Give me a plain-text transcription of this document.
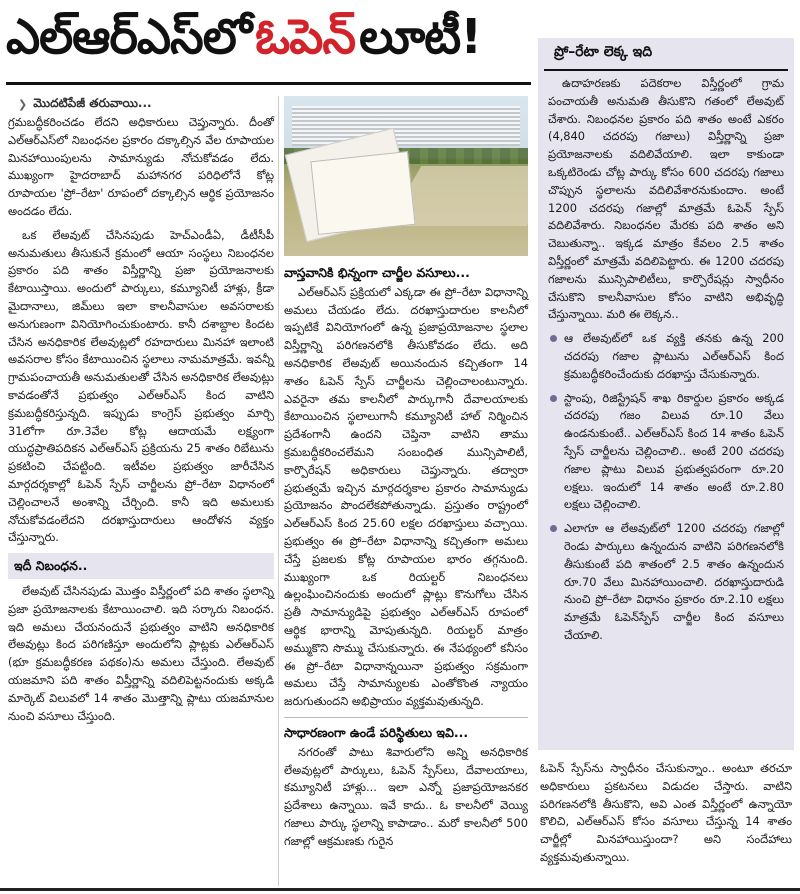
ఎల్‌ఆర్‌ఎస్‌లో ఓపెన్ లూటీ!
❯ మొదటిపేజీ తరువాయి...

గ్రమబద్ధీకరించడం లేదని అధికారులు చెప్తున్నారు. దీంతో ఎల్‌ఆర్‌ఎస్‌లో నిబంధనల ప్రకారం దక్కాల్సిన వేల రూపాయల మినహాయింపులను సామాన్యుడు నోచుకోవడం లేదు. ముఖ్యంగా హైదరాబాద్ మహానగర పరిధిలోనే కోట్ల రూపాయల 'ప్రో–రేటా' రూపంలో దక్కాల్సిన ఆర్థిక ప్రయోజనం అందడం లేదు.

ఒక లేఅవుట్ చేసినపుడు హెచ్‌ఎండీఏ, డీటీసీపీ అనుమతులు తీసుకునే క్రమంలో ఆయా సంస్థలు నిబంధనల ప్రకారం పది శాతం విస్తీర్ణాన్ని ప్రజా ప్రయోజనాలకు కేటాయిస్తాయి. అందులో పార్కులు, కమ్యూనిటీ హాళ్లు, క్రీడా మైదానాలు, జిమ్‌లు ఇలా కాలనీవాసుల అవసరాలకు అనుగుణంగా వినియోగించుకుంటారు. కానీ దశాబ్దాల కిందట చేసిన అనధికారిక లేఅవుట్లలో రహదారులు మినహా ఇలాంటి అవసరాల కోసం కేటాయించిన స్థలాలు నామమాత్రమే. ఇవన్నీ గ్రామపంచాయతీ అనుమతులతో చేసిన అనధికారిక లేఅవుట్లు కావడంతోనే ప్రభుత్వం ఎల్‌ఆర్‌ఎస్ కింద వాటిని క్రమబద్ధీకరిస్తున్నది. ఇప్పుడు కాంగ్రెస్ ప్రభుత్వం మార్చి 31లోగా రూ.3వేల కోట్ల ఆదాయమే లక్ష్యంగా యుద్ధప్రాతిపదికన ఎల్‌ఆర్‌ఎస్ ప్రక్రియను 25 శాతం రిబేటును ప్రకటించి చేపట్టింది. ఇటీవల ప్రభుత్వం జారీచేసిన మార్గదర్శకాల్లో ఓపెన్ స్పేస్ చార్జీలను ప్రో–రేటా విధానంలో చెల్లించాలనే అంశాన్ని చేర్చింది. కానీ ఇది అమలుకు నోచుకోవడంలేదని దరఖాస్తుదారులు ఆందోళన వ్యక్తం చేస్తున్నారు.

ఇదీ నిబంధన..

లేఅవుట్ చేసినపుడు మొత్తం విస్తీర్ణంలో పది శాతం స్థలాన్ని ప్రజా ప్రయోజనాలకు కేటాయించాలి. ఇది సర్కారు నిబంధన. ఇది అమలు చేయనందునే ప్రభుత్వం వాటిని అనధికారిక లేఅవుట్లు కింద పరిగణిస్తూ అందులోని ప్లాట్లకు ఎల్‌ఆర్‌ఎస్ (భూ క్రమబద్ధీకరణ పథకం)ను అమలు చేస్తుంది. లేఅవుట్ యజమాని పది శాతం విస్తీర్ణాన్ని వదిలిపెట్టనందుకు అక్కడి మార్కెట్ విలువలో 14 శాతం మొత్తాన్ని ప్లాటు యజమానుల నుంచి వసూలు చేస్తుంది.

వాస్తవానికి భిన్నంగా చార్జీల వసూలు...

ఎల్‌ఆర్‌ఎస్ ప్రక్రియలో ఎక్కడా ఈ ప్రో–రేటా విధానాన్ని అమలు చేయడం లేదు. దరఖాస్తుదారుల కాలనీలో ఇప్పటికే వినియోగంలో ఉన్న ప్రజాప్రయోజనాల స్థలాల విస్తీర్ణాన్ని పరిగణనలోకి తీసుకోవడం లేదు. అది అనధికారిక లేఅవుట్ అయినందున కచ్చితంగా 14 శాతం ఓపెన్ స్పేస్ చార్జీలను చెల్లించాలంటున్నారు. ఎవరైనా తమ కాలనీలో పార్కుగానీ దేవాలయాలకు కేటాయించిన స్థలాలుగానీ కమ్యూనిటీ హాల్ నిర్మించిన ప్రదేశంగానీ ఉందని చెప్తినా వాటిని తాము క్రమబద్ధీకరించలేమని సంబంధిత మున్సిపాలిటీ, కార్పొరేషన్ అధికారులు చెప్తున్నారు. తద్వారా ప్రభుత్వమే ఇచ్చిన మార్గదర్శకాల ప్రకారం సామాన్యుడు ప్రయోజనం పొందలేకపోతున్నాడు. ప్రస్తుతం రాష్ట్రంలో ఎల్‌ఆర్‌ఎస్ కింద 25.60 లక్షల దరఖాస్తులు వచ్చాయి. ప్రభుత్వం ఈ ప్రో–రేటా విధానాన్ని కచ్చితంగా అమలు చేస్తే ప్రజలకు కోట్ల రూపాయల భారం తగ్గనుంది. ముఖ్యంగా ఒక రియల్టర్ నిబంధనలు ఉల్లంఘించినందుకు అందులో ప్లాట్లు కొనుగోలు చేసిన ప్రతీ సామాన్యుడిపై ప్రభుత్వం ఎల్‌ఆర్‌ఎస్ రూపంలో ఆర్థిక భారాన్ని మోపుతున్నది. రియల్టర్ మాత్రం అమ్ముకొని సొమ్ము చేసుకున్నారు. ఈ నేపథ్యంలో కనీసం ఈ ప్రో–రేటా విధానాన్నయినా ప్రభుత్వం సక్రమంగా అమలు చేస్తే సామాన్యులకు ఎంతోకొంత న్యాయం జరుగుతుందని అభిప్రాయం వ్యక్తమవుతున్నది.

సాధారణంగా ఉండే పరిస్థితులు ఇవి...

నగరంతో పాటు శివారులోని అన్ని అనధికారిక లేఅవుట్లలో పార్కులు, ఓపెన్ స్పేస్‌లు, దేవాలయాలు, కమ్యూనిటీ హాళ్లు... ఇలా ఎన్నో ప్రజాప్రయోజనకర ప్రదేశాలు ఉన్నాయి. ఇవే కాదు.. ఓ కాలనీలో వెయ్యి గజాలు పార్కు స్థలాన్ని కాపాడాం.. మరో కాలనీలో 500 గజాల్లో ఆక్రమణకు గురైన

ప్రో–రేటా లెక్క ఇది

ఉదాహరణకు పదెకరాల విస్తీర్ణంలో గ్రామ పంచాయతీ అనుమతి తీసుకొని గతంలో లేఅవుట్ చేశారు. నిబంధనల ప్రకారం పది శాతం అంటే ఎకరం (4,840 చదరపు గజాలు) విస్తీర్ణాన్ని ప్రజా ప్రయోజనాలకు వదిలివేయాలి. ఇలా కాకుండా ఒక్కటిరెండు చోట్ల పార్కు కోసం 600 చదరపు గజాలు చొప్పున స్థలాలను వదిలివేశారనుకుందాం. అంటే 1200 చదరపు గజాల్లో మాత్రమే ఓపెన్ స్పేస్ వదిలివేశారు. నిబంధనల మేరకు పది శాతం అని చెబుతున్నా.. ఇక్కడ మాత్రం కేవలం 2.5 శాతం విస్తీర్ణంలో మాత్రమే వదిలిపెట్టారు. ఈ 1200 చదరపు గజాలను మున్సిపాలిటీలు, కార్పొరేషన్లు స్వాధీనం చేసుకొని కాలనీవాసుల కోసం వాటిని అభివృద్ధి చేస్తున్నాయి. మరి ఈ లెక్కన..

ఆ లేఅవుట్‌లో ఒక వ్యక్తి తనకు ఉన్న 200 చదరపు గజాల ప్లాటును ఎల్‌ఆర్‌ఎస్ కింద క్రమబద్ధీకరించేందుకు దరఖాస్తు చేసుకున్నారు.
స్టాంపు, రిజిస్ట్రేషన్ శాఖ రికార్డుల ప్రకారం అక్కడ చదరపు గజం విలువ రూ.10 వేలు ఉండనుకుంటే.. ఎల్‌ఆర్‌ఎస్ కింద 14 శాతం ఓపెన్ స్పేస్ చార్జీలను చెల్లించాలి.. అంటే 200 చదరపు గజాల ప్లాటు విలువ ప్రభుత్వపరంగా రూ.20 లక్షలు. ఇందులో 14 శాతం అంటే రూ.2.80 లక్షలు చెల్లించాలి.
ఎలాగూ ఆ లేఅవుట్‌లో 1200 చదరపు గజాల్లో రెండు పార్కులు ఉన్నందున వాటిని పరిగణనలోకి తీసుకుంటే పది శాతంలో 2.5 శాతం ఉన్నందున రూ.70 వేలు మినహాయించాలి. దరఖాస్తుదారుడి నుంచి ప్రో–రేటా విధానం ప్రకారం రూ.2.10 లక్షలు మాత్రమే ఓపెన్‌స్పేస్ చార్జీల కింద వసూలు చేయాలి.

ఓపెన్ స్పేస్‌ను స్వాధీనం చేసుకున్నాం.. అంటూ తరచూ అధికారులు ప్రకటనలు విడుదల చేస్తారు. వాటిని పరిగణనలోకి తీసుకొని, అవి ఎంత విస్తీర్ణంలో ఉన్నాయో కొలిచి, ఎల్‌ఆర్‌ఎస్ కోసం వసూలు చేస్తున్న 14 శాతం చార్జీల్లో మినహాయిస్తుందా? అని సందేహాలు వ్యక్తమవుతున్నాయి.
